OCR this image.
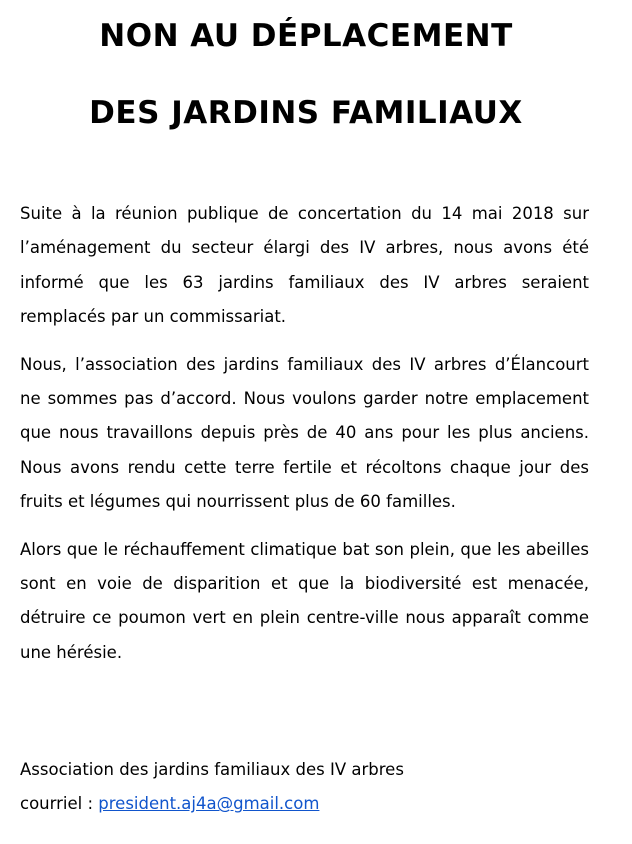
NON AU DÉPLACEMENT
DES JARDINS FAMILIAUX

Suite à la réunion publique de concertation du 14 mai 2018 sur l’aménagement du secteur élargi des IV arbres, nous avons été informé que les 63 jardins familiaux des IV arbres seraient remplacés par un commissariat.

Nous, l’association des jardins familiaux des IV arbres d’Élancourt ne sommes pas d’accord. Nous voulons garder notre emplacement que nous travaillons depuis près de 40 ans pour les plus anciens. Nous avons rendu cette terre fertile et récoltons chaque jour des fruits et légumes qui nourrissent plus de 60 familles.

Alors que le réchauffement climatique bat son plein, que les abeilles sont en voie de disparition et que la biodiversité est menacée, détruire ce poumon vert en plein centre-ville nous apparaît comme une hérésie.

Association des jardins familiaux des IV arbres
courriel : president.aj4a@gmail.com
